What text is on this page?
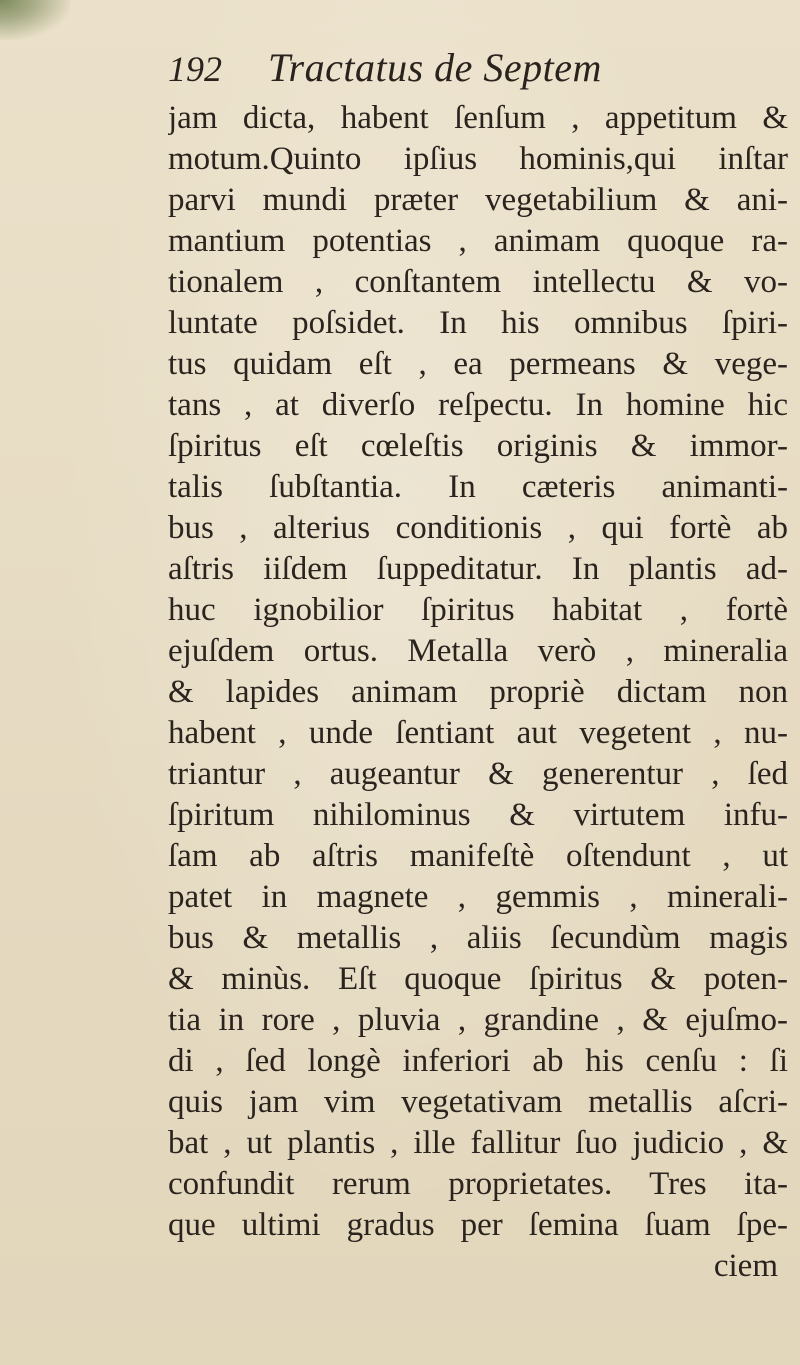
192 Tractatus de Septem
jam dicta, habent ſenſum , appetitum &
motum.Quinto ipſius hominis,qui inſtar
parvi mundi præter vegetabilium & ani-
mantium potentias , animam quoque ra-
tionalem , conſtantem intellectu & vo-
luntate poſsidet. In his omnibus ſpiri-
tus quidam eſt , ea permeans & vege-
tans , at diverſo reſpectu. In homine hic
ſpiritus eſt cœleſtis originis & immor-
talis ſubſtantia. In cæteris animanti-
bus , alterius conditionis , qui fortè ab
aſtris iiſdem ſuppeditatur. In plantis ad-
huc ignobilior ſpiritus habitat , fortè
ejuſdem ortus. Metalla verò , mineralia
& lapides animam propriè dictam non
habent , unde ſentiant aut vegetent , nu-
triantur , augeantur & generentur , ſed
ſpiritum nihilominus & virtutem infu-
ſam ab aſtris manifeſtè oſtendunt , ut
patet in magnete , gemmis , minerali-
bus & metallis , aliis ſecundùm magis
& minùs. Eſt quoque ſpiritus & poten-
tia in rore , pluvia , grandine , & ejuſmo-
di , ſed longè inferiori ab his cenſu : ſi
quis jam vim vegetativam metallis aſcri-
bat , ut plantis , ille fallitur ſuo judicio , &
confundit rerum proprietates. Tres ita-
que ultimi gradus per ſemina ſuam ſpe-
ciem
